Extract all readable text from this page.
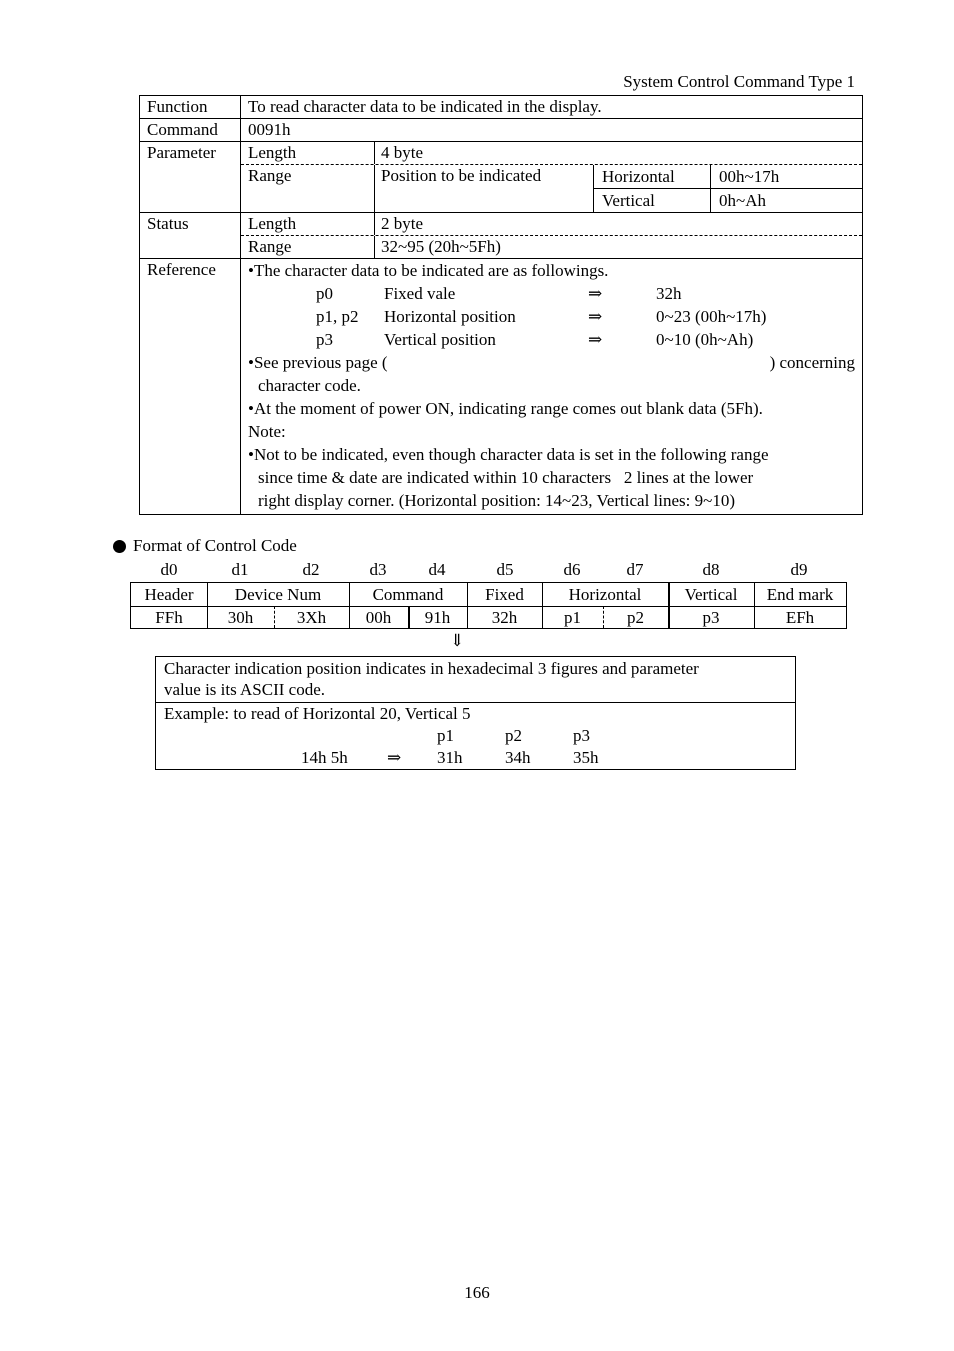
System Control Command Type 1
Function	To read character data to be indicated in the display.
Command	0091h
Parameter	Length	4 byte
Range	Position to be indicated	Horizontal	00h~17h
Vertical	0h~Ah
Status	Length	2 byte
Range	32~95 (20h~5Fh)
Reference	•The character data to be indicated are as followings.
p0	Fixed vale	⇒	32h
p1, p2	Horizontal position	⇒	0~23 (00h~17h)
p3	Vertical position	⇒	0~10 (0h~Ah)
•See previous page (	) concerning
character code.
•At the moment of power ON, indicating range comes out blank data (5Fh).
Note:
•Not to be indicated, even though character data is set in the following range
since time & date are indicated within 10 characters   2 lines at the lower
right display corner. (Horizontal position: 14~23, Vertical lines: 9~10)
Format of Control Code
d0	d1	d2	d3	d4	d5	d6	d7	d8	d9
Header	Device Num	Command	Fixed	Horizontal	Vertical	End mark
FFh	30h	3Xh	00h	91h	32h	p1	p2	p3	EFh
⇓
Character indication position indicates in hexadecimal 3 figures and parameter
value is its ASCII code.
Example: to read of Horizontal 20, Vertical 5
p1	p2	p3
14h 5h ⇒ 31h	34h	35h
166
